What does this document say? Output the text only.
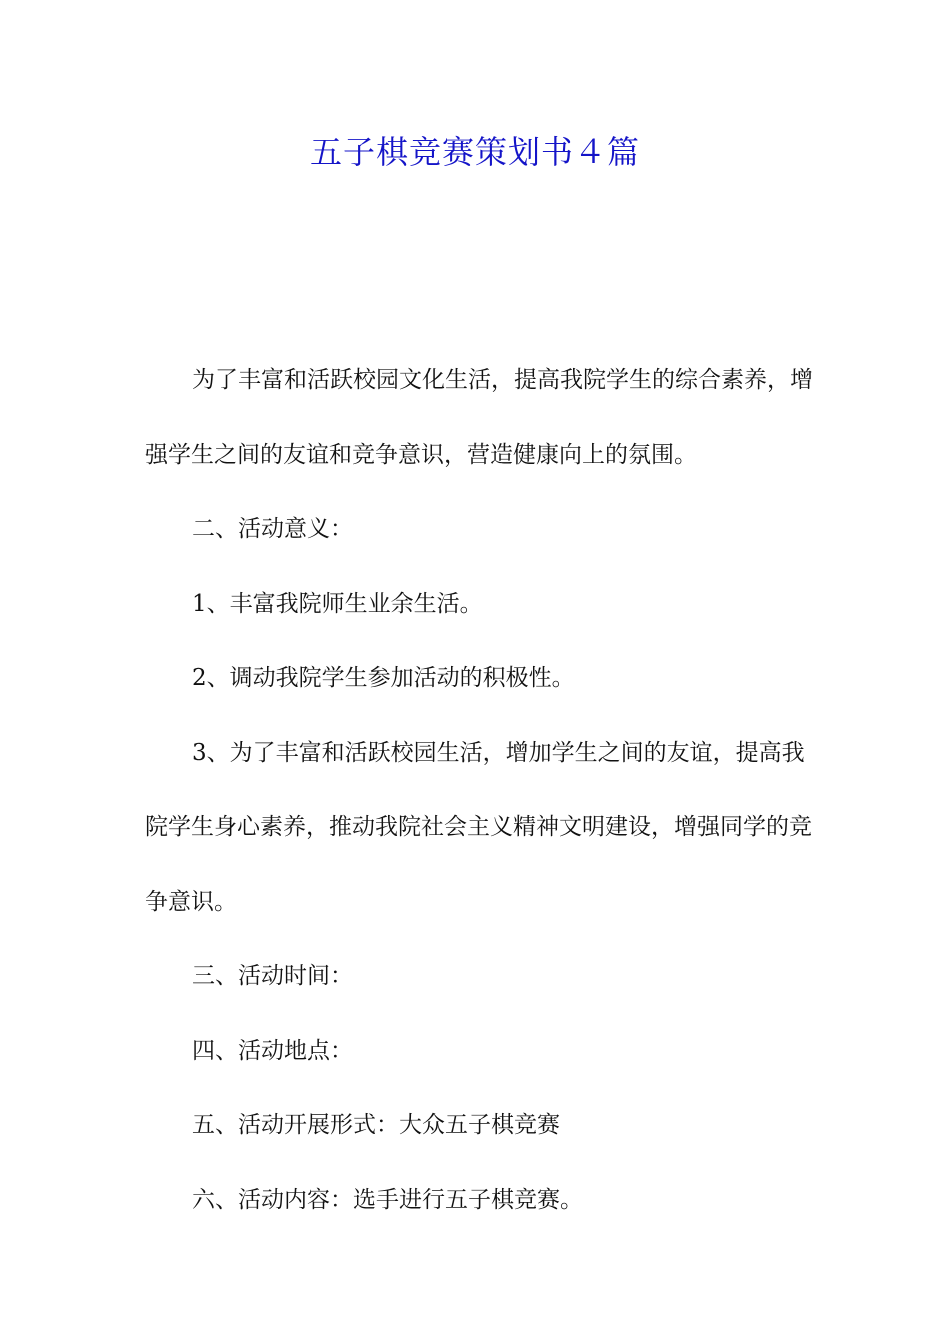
五子棋竞赛策划书４篇

为了丰富和活跃校园文化生活，提高我院学生的综合素养，增强学生之间的友谊和竞争意识，营造健康向上的氛围。

二、活动意义：

1、丰富我院师生业余生活。

2、调动我院学生参加活动的积极性。

3、为了丰富和活跃校园生活，增加学生之间的友谊，提高我院学生身心素养，推动我院社会主义精神文明建设，增强同学的竞争意识。

三、活动时间：

四、活动地点：

五、活动开展形式：大众五子棋竞赛

六、活动内容：选手进行五子棋竞赛。
